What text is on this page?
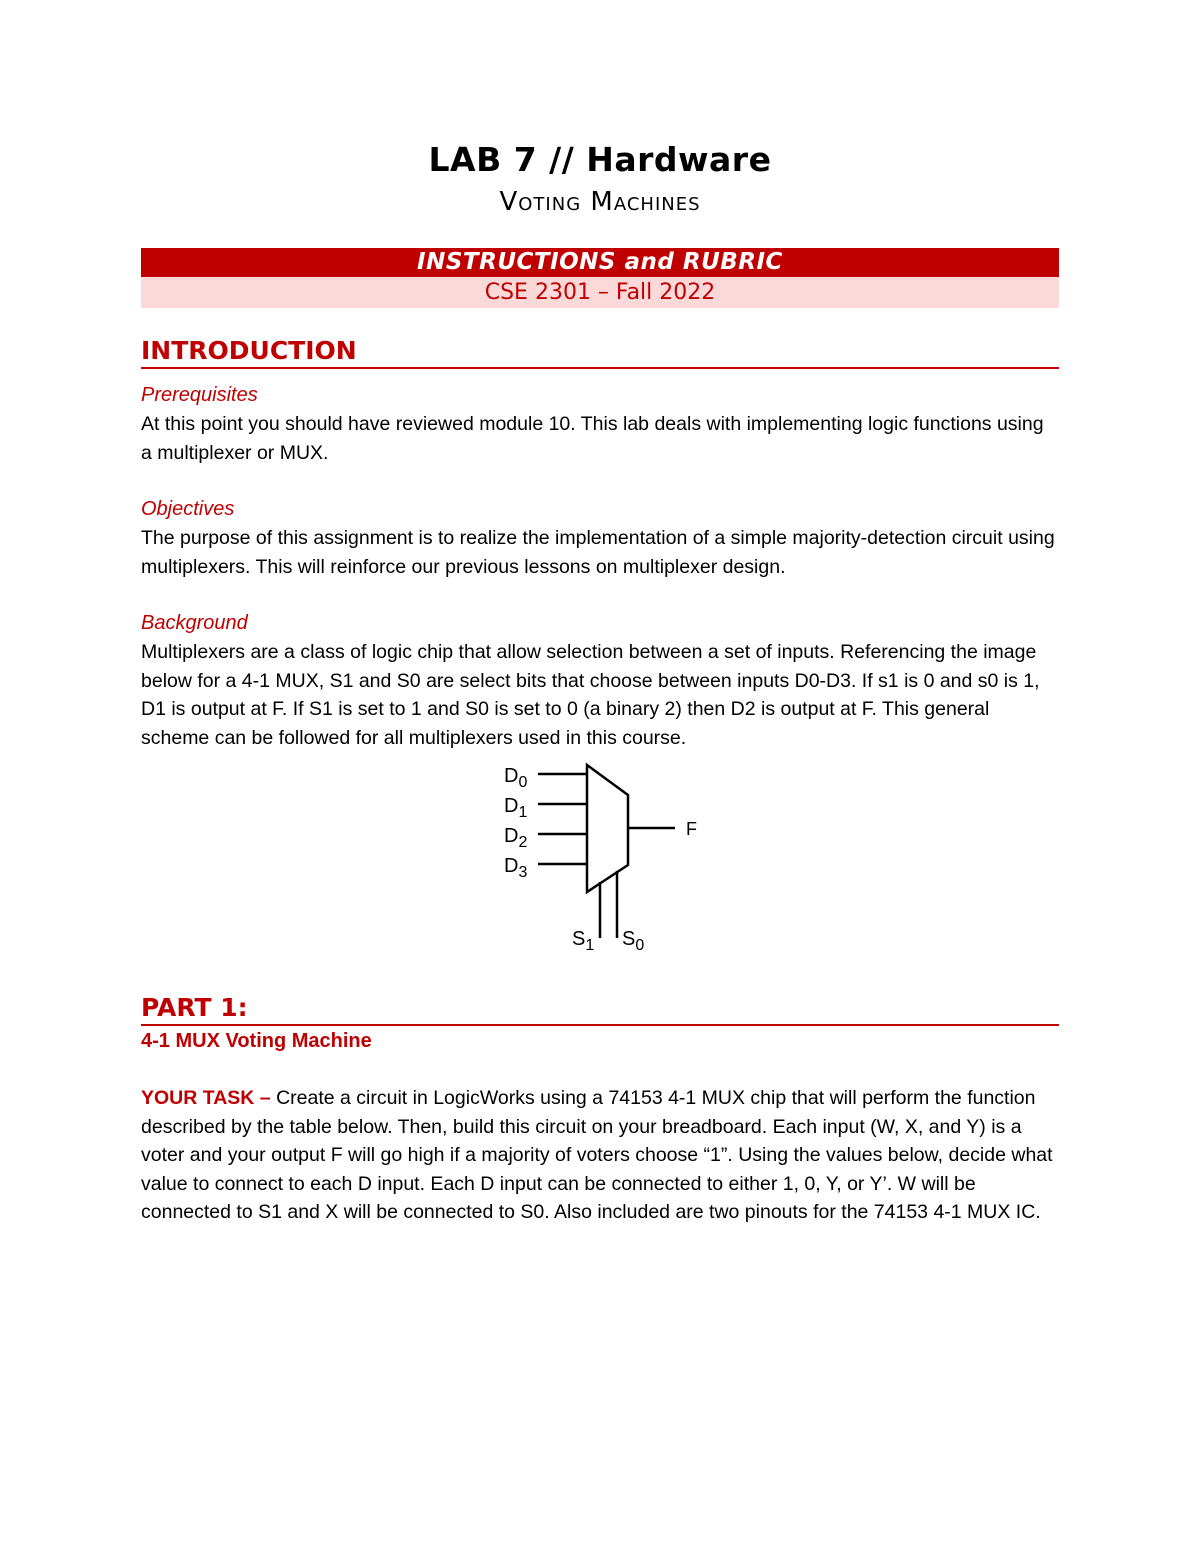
LAB 7 // Hardware
Voting Machines
INSTRUCTIONS and RUBRIC
CSE 2301 – Fall 2022
INTRODUCTION
Prerequisites
At this point you should have reviewed module 10. This lab deals with implementing logic functions using a multiplexer or MUX.
Objectives
The purpose of this assignment is to realize the implementation of a simple majority-detection circuit using multiplexers. This will reinforce our previous lessons on multiplexer design.
Background
Multiplexers are a class of logic chip that allow selection between a set of inputs. Referencing the image below for a 4-1 MUX, S1 and S0 are select bits that choose between inputs D0-D3. If s1 is 0 and s0 is 1, D1 is output at F. If S1 is set to 1 and S0 is set to 0 (a binary 2) then D2 is output at F. This general scheme can be followed for all multiplexers used in this course.
$D_0$
$D_1$
$D_2$
$D_3$
F
$S_1$ $S_0$
PART 1:
4-1 MUX Voting Machine
YOUR TASK – Create a circuit in LogicWorks using a 74153 4-1 MUX chip that will perform the function described by the table below. Then, build this circuit on your breadboard. Each input (W, X, and Y) is a voter and your output F will go high if a majority of voters choose “1”. Using the values below, decide what value to connect to each D input. Each D input can be connected to either 1, 0, Y, or Y’. W will be connected to S1 and X will be connected to S0. Also included are two pinouts for the 74153 4-1 MUX IC.
